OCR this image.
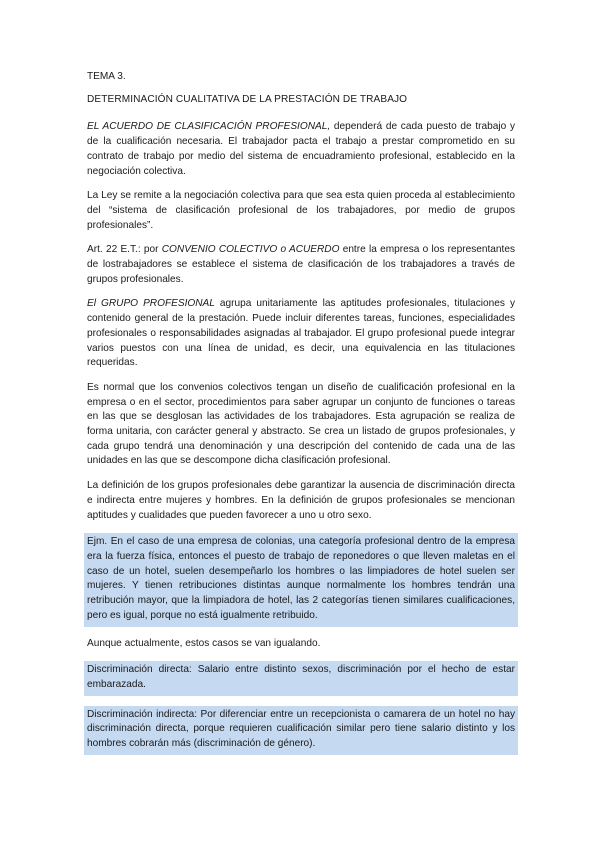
TEMA 3.

DETERMINACIÓN CUALITATIVA DE LA PRESTACIÓN DE TRABAJO

EL ACUERDO DE CLASIFICACIÓN PROFESIONAL, dependerá de cada puesto de trabajo y de la cualificación necesaria. El trabajador pacta el trabajo a prestar comprometido en su contrato de trabajo por medio del sistema de encuadramiento profesional, establecido en la negociación colectiva.

La Ley se remite a la negociación colectiva para que sea esta quien proceda al establecimiento del “sistema de clasificación profesional de los trabajadores, por medio de grupos profesionales”.

Art. 22 E.T.: por CONVENIO COLECTIVO o ACUERDO entre la empresa o los representantes de lostrabajadores se establece el sistema de clasificación de los trabajadores a través de grupos profesionales.

El GRUPO PROFESIONAL agrupa unitariamente las aptitudes profesionales, titulaciones y contenido general de la prestación. Puede incluir diferentes tareas, funciones, especialidades profesionales o responsabilidades asignadas al trabajador. El grupo profesional puede integrar varios puestos con una línea de unidad, es decir, una equivalencia en las titulaciones requeridas.

Es normal que los convenios colectivos tengan un diseño de cualificación profesional en la empresa o en el sector, procedimientos para saber agrupar un conjunto de funciones o tareas en las que se desglosan las actividades de los trabajadores. Esta agrupación se realiza de forma unitaria, con carácter general y abstracto. Se crea un listado de grupos profesionales, y cada grupo tendrá una denominación y una descripción del contenido de cada una de las unidades en las que se descompone dicha clasificación profesional.

La definición de los grupos profesionales debe garantizar la ausencia de discriminación directa e indirecta entre mujeres y hombres. En la definición de grupos profesionales se mencionan aptitudes y cualidades que pueden favorecer a uno u otro sexo.

Ejm. En el caso de una empresa de colonias, una categoría profesional dentro de la empresa era la fuerza física, entonces el puesto de trabajo de reponedores o que lleven maletas en el caso de un hotel, suelen desempeñarlo los hombres o las limpiadores de hotel suelen ser mujeres. Y tienen retribuciones distintas aunque normalmente los hombres tendrán una retribución mayor, que la limpiadora de hotel, las 2 categorías tienen similares cualificaciones, pero es igual, porque no está igualmente retribuido.

Aunque actualmente, estos casos se van igualando.

Discriminación directa: Salario entre distinto sexos, discriminación por el hecho de estar embarazada.

Discriminación indirecta: Por diferenciar entre un recepcionista o camarera de un hotel no hay discriminación directa, porque requieren cualificación similar pero tiene salario distinto y los hombres cobrarán más (discriminación de género).
